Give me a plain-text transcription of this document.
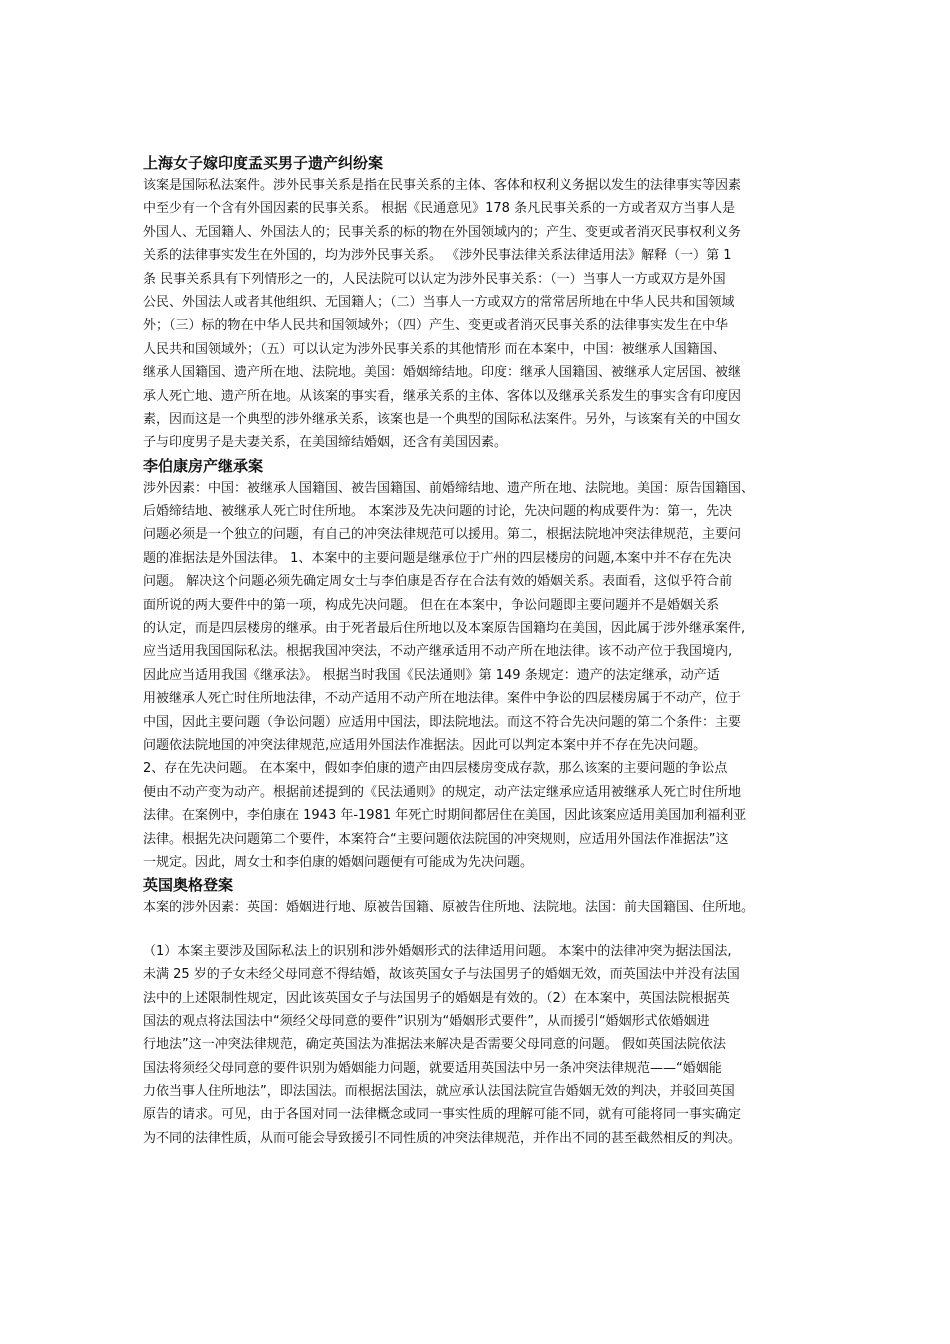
上海女子嫁印度孟买男子遗产纠纷案
该案是国际私法案件。涉外民事关系是指在民事关系的主体、客体和权利义务据以发生的法律事实等因素
中至少有一个含有外国因素的民事关系。 根据《民通意见》178 条凡民事关系的一方或者双方当事人是
外国人、无国籍人、外国法人的；民事关系的标的物在外国领域内的；产生、变更或者消灭民事权利义务
关系的法律事实发生在外国的，均为涉外民事关系。 《涉外民事法律关系法律适用法》解释（一）第 1
条 民事关系具有下列情形之一的，人民法院可以认定为涉外民事关系：（一）当事人一方或双方是外国
公民、外国法人或者其他组织、无国籍人；（二）当事人一方或双方的常常居所地在中华人民共和国领域
外；（三）标的物在中华人民共和国领域外；（四）产生、变更或者消灭民事关系的法律事实发生在中华
人民共和国领域外；（五）可以认定为涉外民事关系的其他情形 而在本案中，中国：被继承人国籍国、
继承人国籍国、遗产所在地、法院地。美国：婚姻缔结地。印度：继承人国籍国、被继承人定居国、被继
承人死亡地、遗产所在地。从该案的事实看，继承关系的主体、客体以及继承关系发生的事实含有印度因
素，因而这是一个典型的涉外继承关系，该案也是一个典型的国际私法案件。另外，与该案有关的中国女
子与印度男子是夫妻关系，在美国缔结婚姻，还含有美国因素。
李伯康房产继承案
涉外因素：中国：被继承人国籍国、被告国籍国、前婚缔结地、遗产所在地、法院地。美国：原告国籍国、
后婚缔结地、被继承人死亡时住所地。 本案涉及先决问题的讨论，先决问题的构成要件为：第一，先决
问题必须是一个独立的问题，有自己的冲突法律规范可以援用。第二，根据法院地冲突法律规范，主要问
题的准据法是外国法律。 1、本案中的主要问题是继承位于广州的四层楼房的问题,本案中并不存在先决
问题。 解决这个问题必须先确定周女士与李伯康是否存在合法有效的婚姻关系。表面看，这似乎符合前
面所说的两大要件中的第一项，构成先决问题。 但在在本案中，争讼问题即主要问题并不是婚姻关系
的认定，而是四层楼房的继承。由于死者最后住所地以及本案原告国籍均在美国，因此属于涉外继承案件,
应当适用我国国际私法。根据我国冲突法，不动产继承适用不动产所在地法律。该不动产位于我国境内,
因此应当适用我国《继承法》。 根据当时我国《民法通则》第 149 条规定：遗产的法定继承，动产适
用被继承人死亡时住所地法律，不动产适用不动产所在地法律。案件中争讼的四层楼房属于不动产，位于
中国，因此主要问题（争讼问题）应适用中国法，即法院地法。而这不符合先决问题的第二个条件：主要
问题依法院地国的冲突法律规范,应适用外国法作准据法。因此可以判定本案中并不存在先决问题。
2、存在先决问题。 在本案中，假如李伯康的遗产由四层楼房变成存款，那么该案的主要问题的争讼点
便由不动产变为动产。根据前述提到的《民法通则》的规定，动产法定继承应适用被继承人死亡时住所地
法律。在案例中，李伯康在 1943 年-1981 年死亡时期间都居住在美国，因此该案应适用美国加利福利亚
法律。根据先决问题第二个要件，本案符合“主要问题依法院国的冲突规则，应适用外国法作准据法”这
一规定。因此，周女士和李伯康的婚姻问题便有可能成为先决问题。
英国奥格登案
本案的涉外因素：英国：婚姻进行地、原被告国籍、原被告住所地、法院地。法国：前夫国籍国、住所地。
（1）本案主要涉及国际私法上的识别和涉外婚姻形式的法律适用问题。 本案中的法律冲突为据法国法,
未满 25 岁的子女未经父母同意不得结婚，故该英国女子与法国男子的婚姻无效，而英国法中并没有法国
法中的上述限制性规定，因此该英国女子与法国男子的婚姻是有效的。（2）在本案中，英国法院根据英
国法的观点将法国法中“须经父母同意的要件”识别为“婚姻形式要件”，从而援引“婚姻形式依婚姻进
行地法”这一冲突法律规范，确定英国法为准据法来解决是否需要父母同意的问题。 假如英国法院依法
国法将须经父母同意的要件识别为婚姻能力问题，就要适用英国法中另一条冲突法律规范——“婚姻能
力依当事人住所地法”，即法国法。而根据法国法，就应承认法国法院宣告婚姻无效的判决，并驳回英国
原告的请求。可见，由于各国对同一法律概念或同一事实性质的理解可能不同，就有可能将同一事实确定
为不同的法律性质，从而可能会导致援引不同性质的冲突法律规范，并作出不同的甚至截然相反的判决。
